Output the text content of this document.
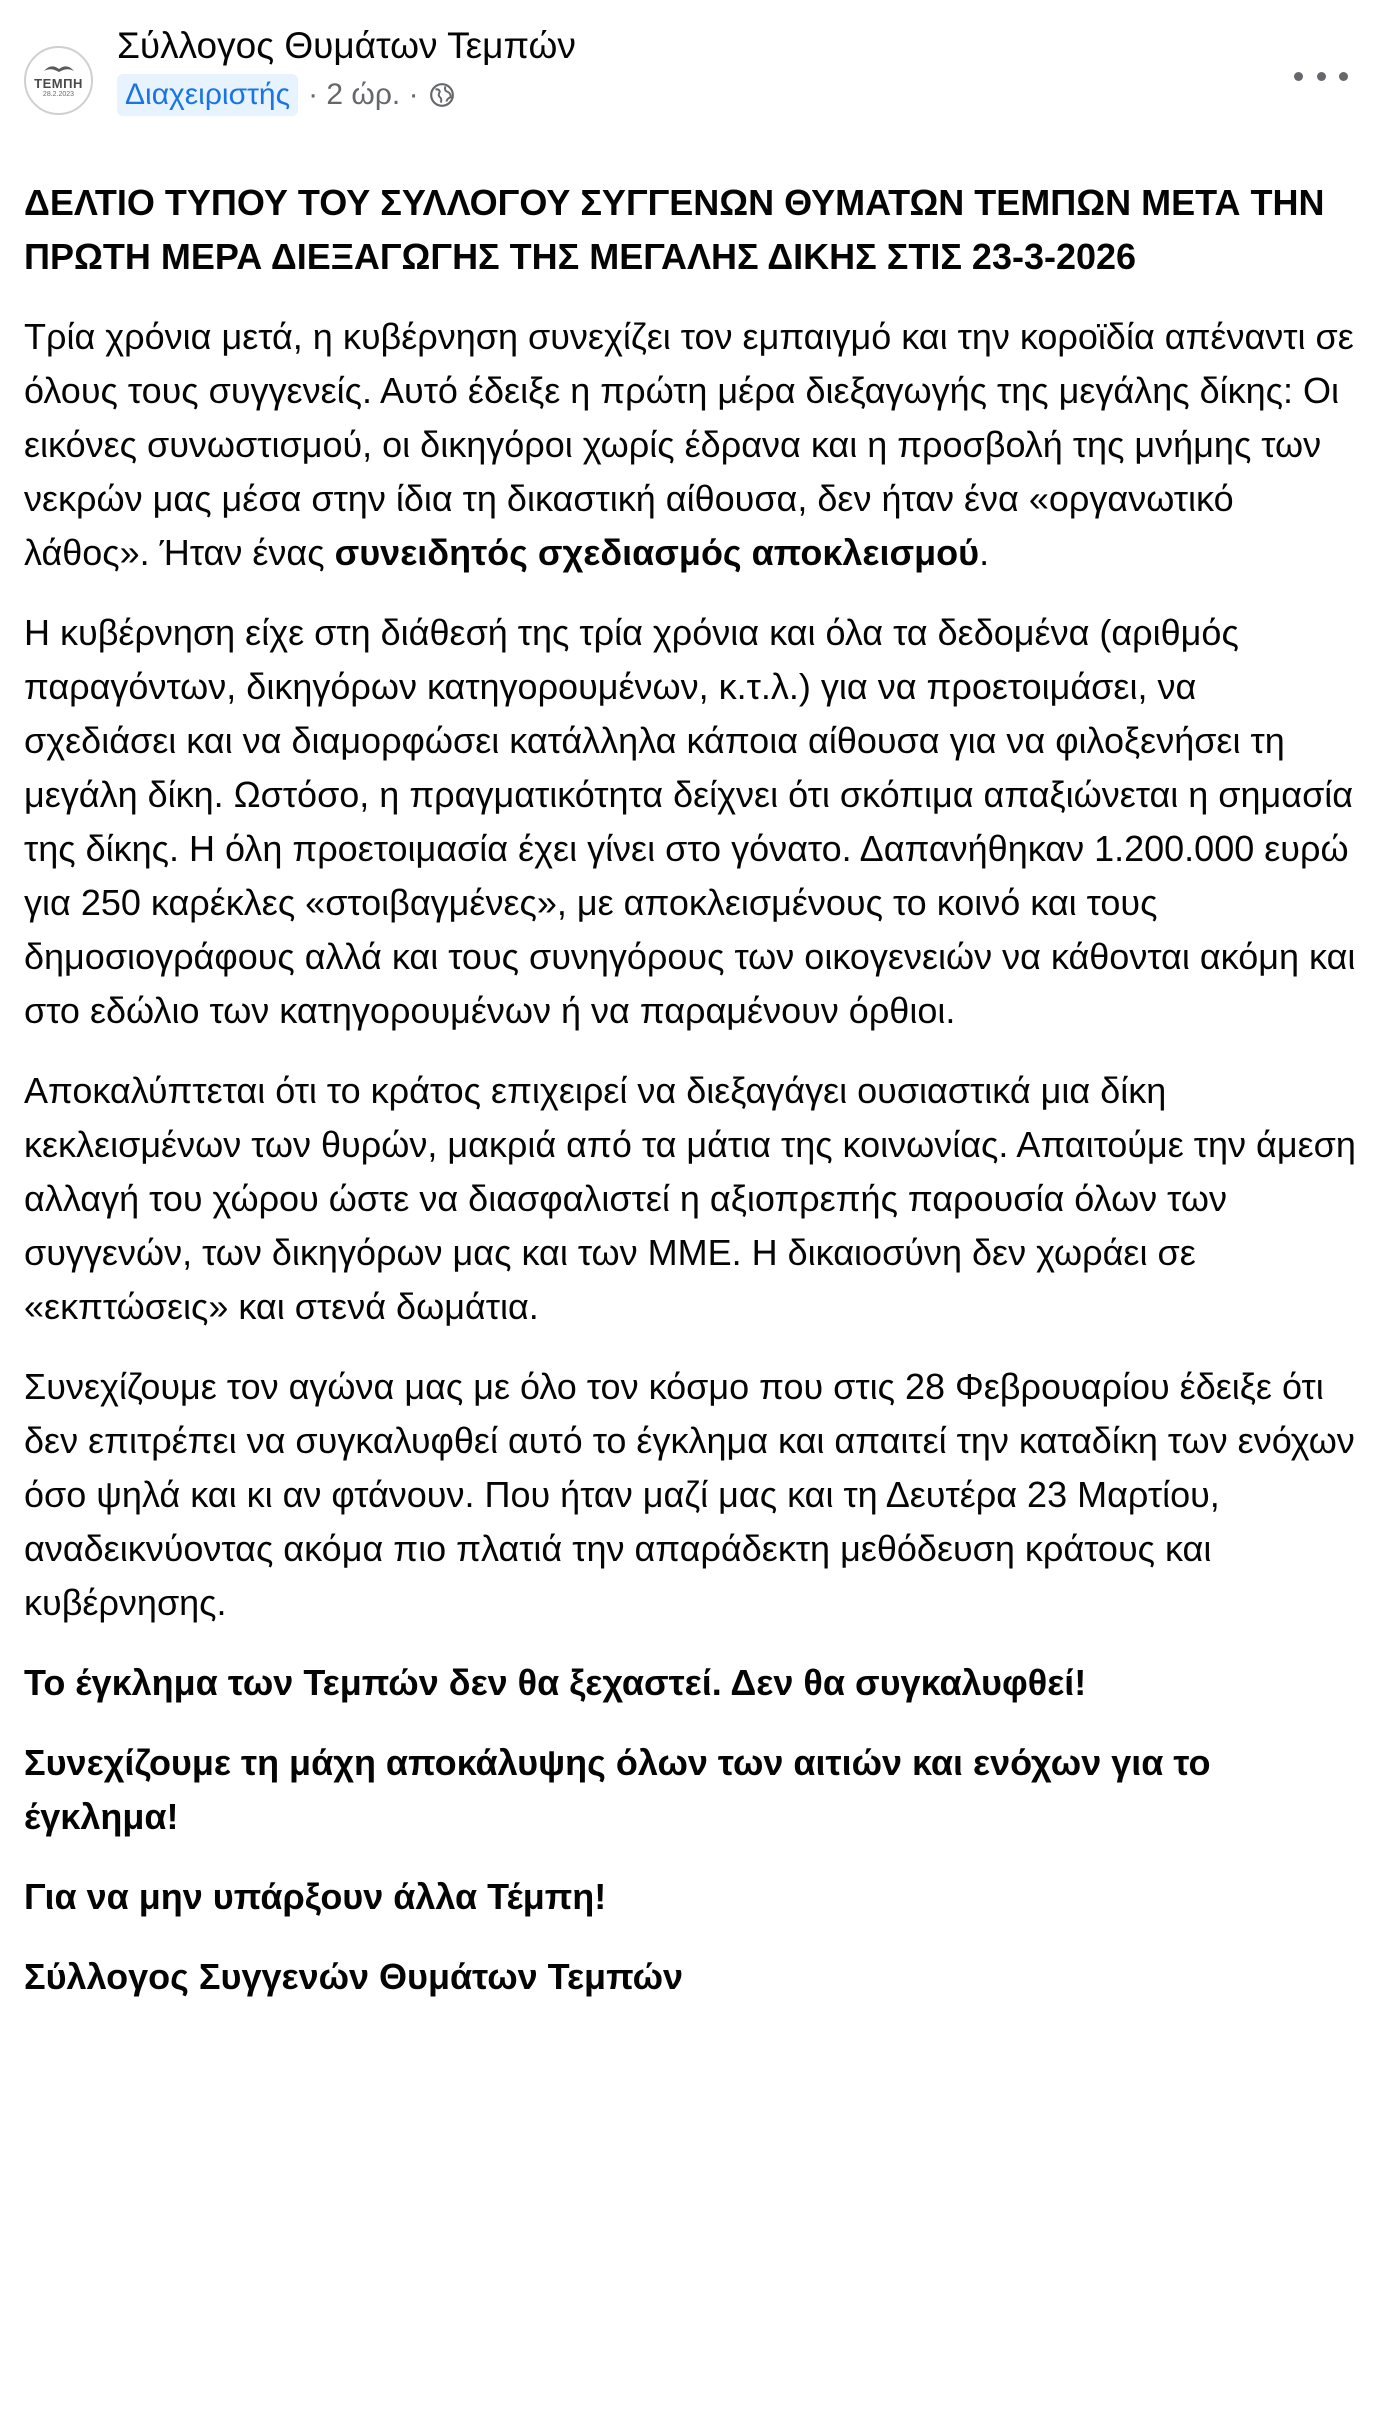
ΤΕΜΠΗ
28.2.2023
Σύλλογος Θυμάτων Τεμπών
Διαχειριστής · 2 ώρ. ·

ΔΕΛΤΙΟ ΤΥΠΟΥ ΤΟΥ ΣΥΛΛΟΓΟΥ ΣΥΓΓΕΝΩΝ ΘΥΜΑΤΩΝ ΤΕΜΠΩΝ ΜΕΤΑ ΤΗΝ ΠΡΩΤΗ ΜΕΡΑ ΔΙΕΞΑΓΩΓΗΣ ΤΗΣ ΜΕΓΑΛΗΣ ΔΙΚΗΣ ΣΤΙΣ 23-3-2026

Τρία χρόνια μετά, η κυβέρνηση συνεχίζει τον εμπαιγμό και την κοροϊδία απέναντι σε όλους τους συγγενείς. Αυτό έδειξε η πρώτη μέρα διεξαγωγής της μεγάλης δίκης: Οι εικόνες συνωστισμού, οι δικηγόροι χωρίς έδρανα και η προσβολή της μνήμης των νεκρών μας μέσα στην ίδια τη δικαστική αίθουσα, δεν ήταν ένα «οργανωτικό λάθος». Ήταν ένας συνειδητός σχεδιασμός αποκλεισμού.

Η κυβέρνηση είχε στη διάθεσή της τρία χρόνια και όλα τα δεδομένα (αριθμός παραγόντων, δικηγόρων κατηγορουμένων, κ.τ.λ.) για να προετοιμάσει, να σχεδιάσει και να διαμορφώσει κατάλληλα κάποια αίθουσα για να φιλοξενήσει τη μεγάλη δίκη. Ωστόσο, η πραγματικότητα δείχνει ότι σκόπιμα απαξιώνεται η σημασία της δίκης. Η όλη προετοιμασία έχει γίνει στο γόνατο. Δαπανήθηκαν 1.200.000 ευρώ για 250 καρέκλες «στοιβαγμένες», με αποκλεισμένους το κοινό και τους δημοσιογράφους αλλά και τους συνηγόρους των οικογενειών να κάθονται ακόμη και στο εδώλιο των κατηγορουμένων ή να παραμένουν όρθιοι.

Αποκαλύπτεται ότι το κράτος επιχειρεί να διεξαγάγει ουσιαστικά μια δίκη κεκλεισμένων των θυρών, μακριά από τα μάτια της κοινωνίας. Απαιτούμε την άμεση αλλαγή του χώρου ώστε να διασφαλιστεί η αξιοπρεπής παρουσία όλων των συγγενών, των δικηγόρων μας και των ΜΜΕ. Η δικαιοσύνη δεν χωράει σε «εκπτώσεις» και στενά δωμάτια.

Συνεχίζουμε τον αγώνα μας με όλο τον κόσμο που στις 28 Φεβρουαρίου έδειξε ότι δεν επιτρέπει να συγκαλυφθεί αυτό το έγκλημα και απαιτεί την καταδίκη των ενόχων όσο ψηλά και κι αν φτάνουν. Που ήταν μαζί μας και τη Δευτέρα 23 Μαρτίου, αναδεικνύοντας ακόμα πιο πλατιά την απαράδεκτη μεθόδευση κράτους και κυβέρνησης.

Το έγκλημα των Τεμπών δεν θα ξεχαστεί. Δεν θα συγκαλυφθεί!

Συνεχίζουμε τη μάχη αποκάλυψης όλων των αιτιών και ενόχων για το έγκλημα!

Για να μην υπάρξουν άλλα Τέμπη!

Σύλλογος Συγγενών Θυμάτων Τεμπών
